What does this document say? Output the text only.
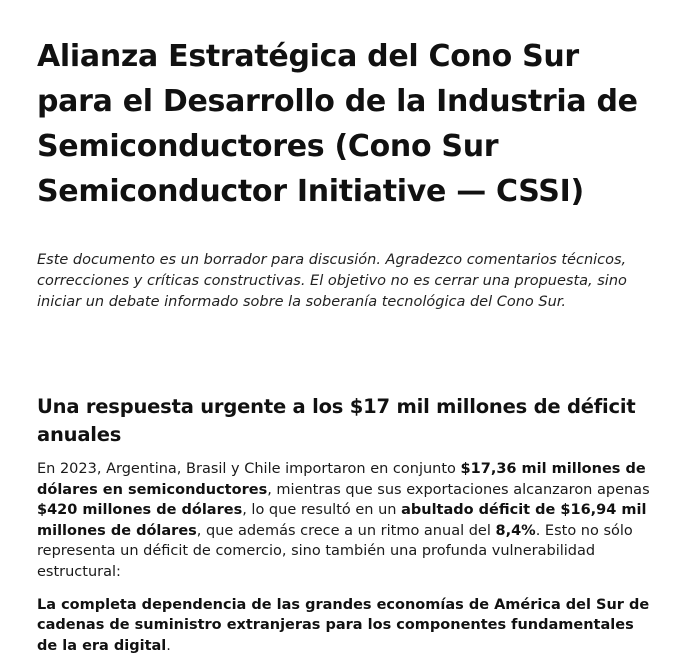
Alianza Estratégica del Cono Sur para el Desarrollo de la Industria de Semiconductores (Cono Sur Semiconductor Initiative — CSSI)

Este documento es un borrador para discusión. Agradezco comentarios técnicos, correcciones y críticas constructivas. El objetivo no es cerrar una propuesta, sino iniciar un debate informado sobre la soberanía tecnológica del Cono Sur.

Una respuesta urgente a los $17 mil millones de déficit anuales

En 2023, Argentina, Brasil y Chile importaron en conjunto $17,36 mil millones de dólares en semiconductores, mientras que sus exportaciones alcanzaron apenas $420 millones de dólares, lo que resultó en un abultado déficit de $16,94 mil millones de dólares, que además crece a un ritmo anual del 8,4%. Esto no sólo representa un déficit de comercio, sino también una profunda vulnerabilidad estructural:

La completa dependencia de las grandes economías de América del Sur de cadenas de suministro extranjeras para los componentes fundamentales de la era digital.
